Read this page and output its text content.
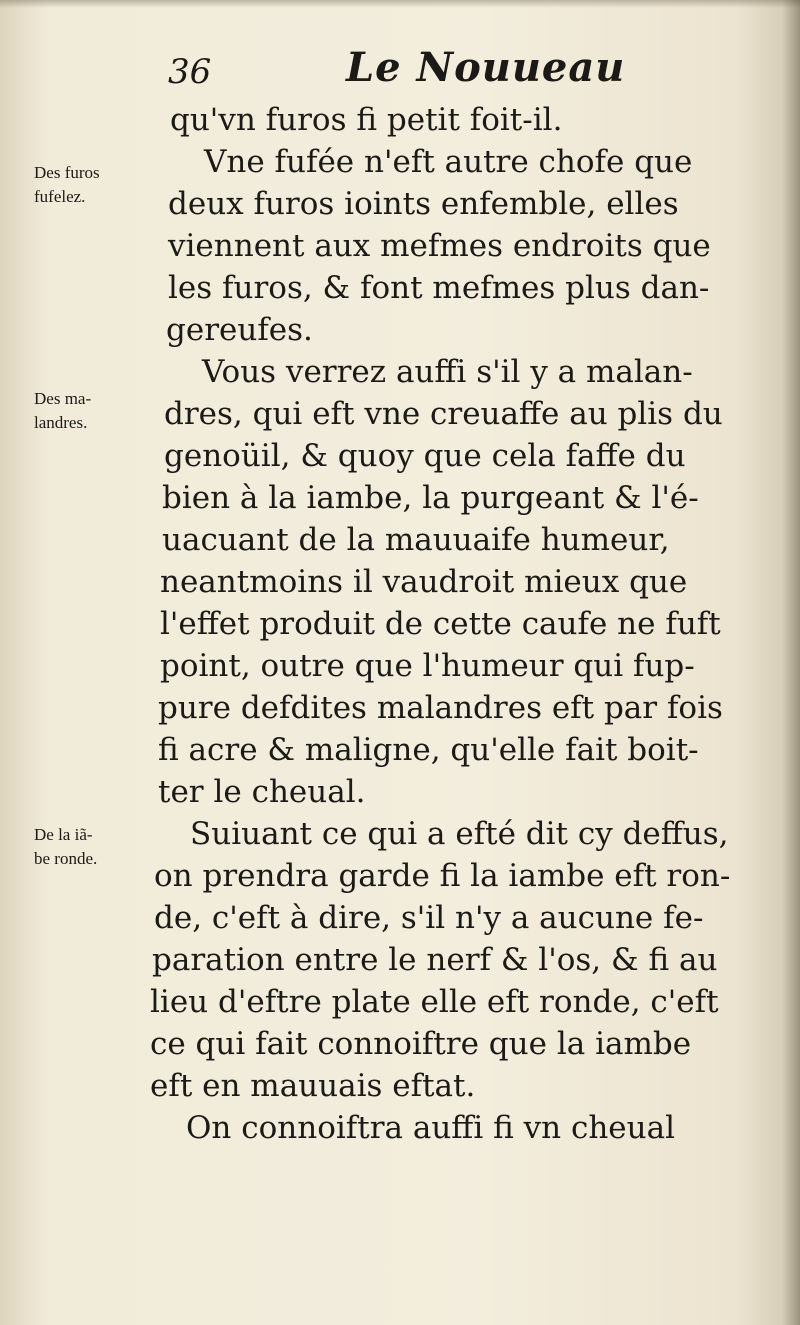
36	Le Nouueau
Des furos
fufelez.
Des ma-
landres.
De la iã-
be ronde.
qu'vn furos fi petit foit-il.
Vne fufée n'eft autre chofe que
deux furos ioints enfemble, elles
viennent aux mefmes endroits que
les furos, & font mefmes plus dan-
gereufes.
Vous verrez auffi s'il y a malan-
dres, qui eft vne creuaffe au plis du
genoüil, & quoy que cela faffe du
bien à la iambe, la purgeant & l'é-
uacuant de la mauuaife humeur,
neantmoins il vaudroit mieux que
l'effet produit de cette caufe ne fuft
point, outre que l'humeur qui fup-
pure defdites malandres eft par fois
fi acre & maligne, qu'elle fait boit-
ter le cheual.
Suiuant ce qui a efté dit cy deffus,
on prendra garde fi la iambe eft ron-
de, c'eft à dire, s'il n'y a aucune fe-
paration entre le nerf & l'os, & fi au
lieu d'eftre plate elle eft ronde, c'eft
ce qui fait connoiftre que la iambe
eft en mauuais eftat.
On connoiftra auffi fi vn cheual
